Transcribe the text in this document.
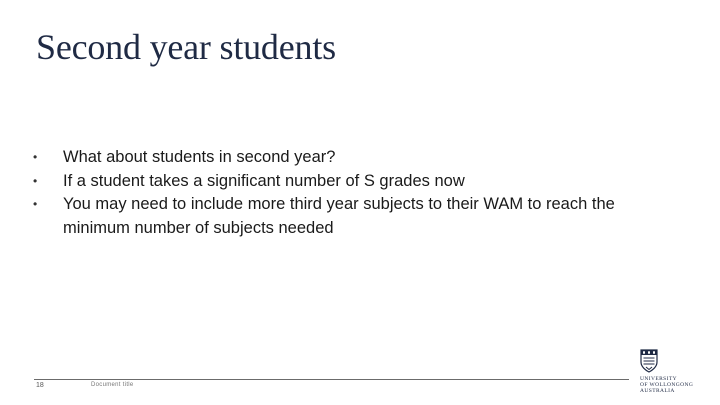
Second year students
• What about students in second year?
• If a student takes a significant number of S grades now
• You may need to include more third year subjects to their WAM to reach the minimum number of subjects needed
18	Document title
UNIVERSITY
OF WOLLONGONG
AUSTRALIA
